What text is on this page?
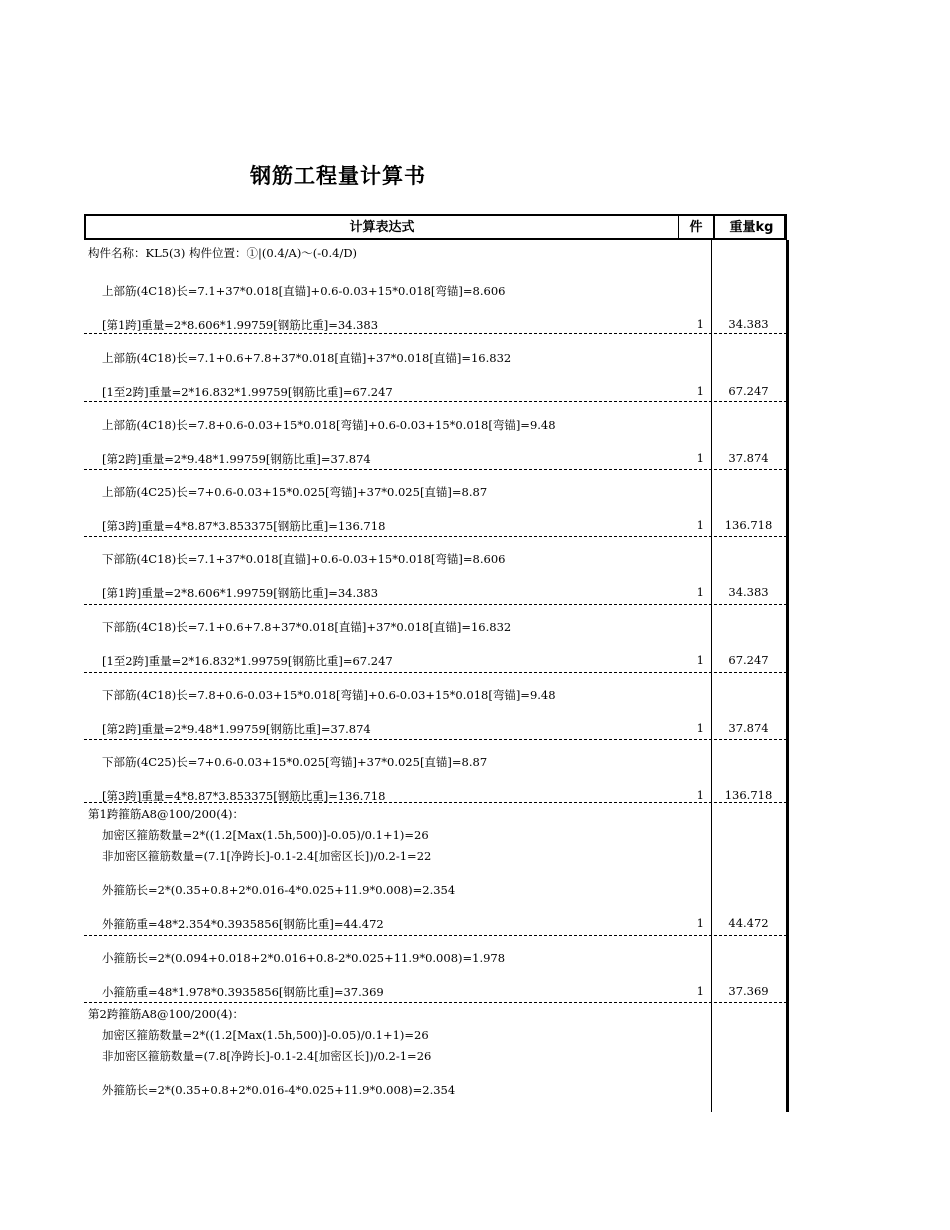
钢筋工程量计算书
计算表达式	件	重量kg
构件名称：KL5(3) 构件位置：①|(0.4/A)～(-0.4/D)
上部筋(4C18)长=7.1+37*0.018[直锚]+0.6-0.03+15*0.018[弯锚]=8.606
[第1跨]重量=2*8.606*1.99759[钢筋比重]=34.383	1	34.383
上部筋(4C18)长=7.1+0.6+7.8+37*0.018[直锚]+37*0.018[直锚]=16.832
[1至2跨]重量=2*16.832*1.99759[钢筋比重]=67.247	1	67.247
上部筋(4C18)长=7.8+0.6-0.03+15*0.018[弯锚]+0.6-0.03+15*0.018[弯锚]=9.48
[第2跨]重量=2*9.48*1.99759[钢筋比重]=37.874	1	37.874
上部筋(4C25)长=7+0.6-0.03+15*0.025[弯锚]+37*0.025[直锚]=8.87
[第3跨]重量=4*8.87*3.853375[钢筋比重]=136.718	1	136.718
下部筋(4C18)长=7.1+37*0.018[直锚]+0.6-0.03+15*0.018[弯锚]=8.606
[第1跨]重量=2*8.606*1.99759[钢筋比重]=34.383	1	34.383
下部筋(4C18)长=7.1+0.6+7.8+37*0.018[直锚]+37*0.018[直锚]=16.832
[1至2跨]重量=2*16.832*1.99759[钢筋比重]=67.247	1	67.247
下部筋(4C18)长=7.8+0.6-0.03+15*0.018[弯锚]+0.6-0.03+15*0.018[弯锚]=9.48
[第2跨]重量=2*9.48*1.99759[钢筋比重]=37.874	1	37.874
下部筋(4C25)长=7+0.6-0.03+15*0.025[弯锚]+37*0.025[直锚]=8.87
[第3跨]重量=4*8.87*3.853375[钢筋比重]=136.718	1	136.718
第1跨箍筋A8@100/200(4)：
加密区箍筋数量=2*((1.2[Max(1.5h,500)]-0.05)/0.1+1)=26
非加密区箍筋数量=(7.1[净跨长]-0.1-2.4[加密区长])/0.2-1=22
外箍筋长=2*(0.35+0.8+2*0.016-4*0.025+11.9*0.008)=2.354
外箍筋重=48*2.354*0.3935856[钢筋比重]=44.472	1	44.472
小箍筋长=2*(0.094+0.018+2*0.016+0.8-2*0.025+11.9*0.008)=1.978
小箍筋重=48*1.978*0.3935856[钢筋比重]=37.369	1	37.369
第2跨箍筋A8@100/200(4)：
加密区箍筋数量=2*((1.2[Max(1.5h,500)]-0.05)/0.1+1)=26
非加密区箍筋数量=(7.8[净跨长]-0.1-2.4[加密区长])/0.2-1=26
外箍筋长=2*(0.35+0.8+2*0.016-4*0.025+11.9*0.008)=2.354
